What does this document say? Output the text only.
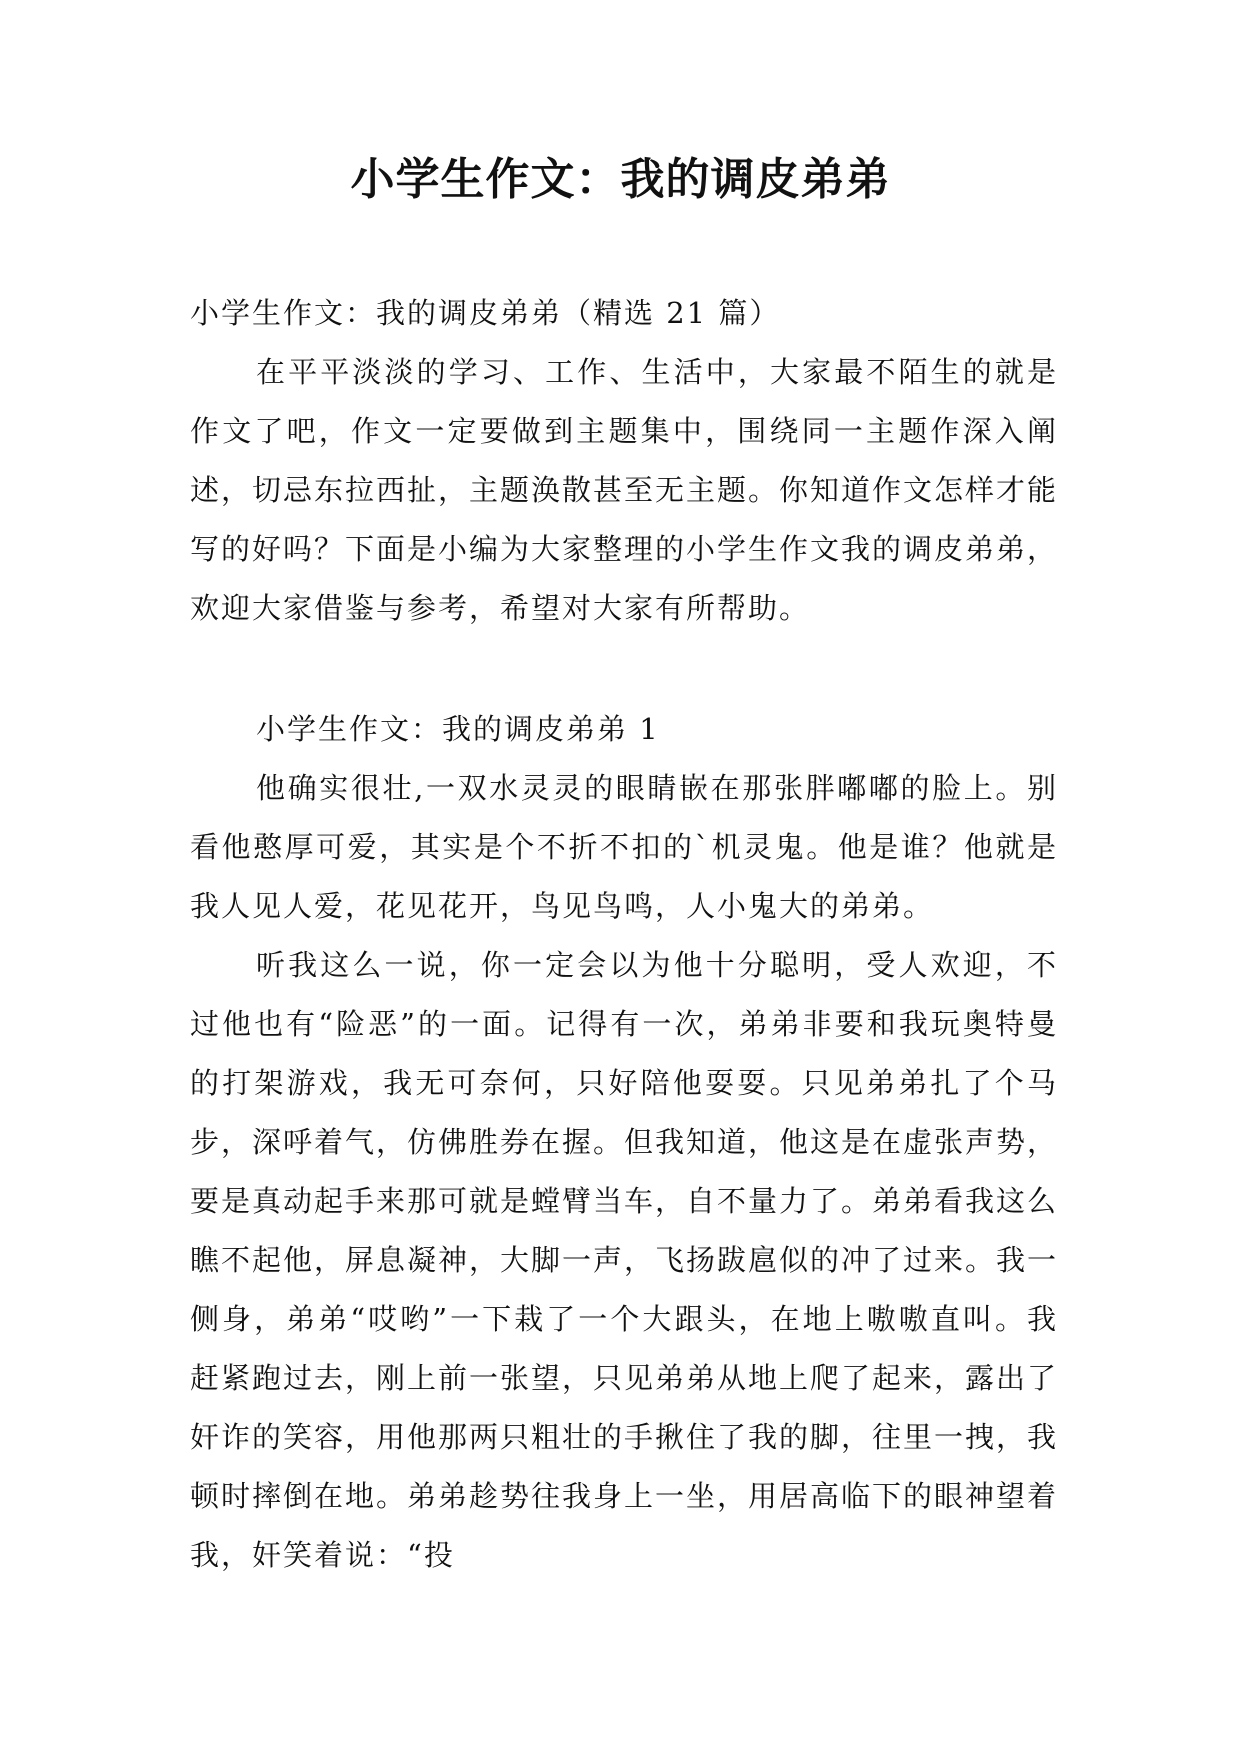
小学生作文：我的调皮弟弟

小学生作文：我的调皮弟弟（精选 21 篇）

在平平淡淡的学习、工作、生活中，大家最不陌生的就是作文了吧，作文一定要做到主题集中，围绕同一主题作深入阐述，切忌东拉西扯，主题涣散甚至无主题。你知道作文怎样才能写的好吗？下面是小编为大家整理的小学生作文我的调皮弟弟，欢迎大家借鉴与参考，希望对大家有所帮助。

小学生作文：我的调皮弟弟 1

他确实很壮,一双水灵灵的眼睛嵌在那张胖嘟嘟的脸上。别看他憨厚可爱，其实是个不折不扣的`机灵鬼。他是谁？他就是我人见人爱，花见花开，鸟见鸟鸣，人小鬼大的弟弟。

听我这么一说，你一定会以为他十分聪明，受人欢迎，不过他也有“险恶”的一面。记得有一次，弟弟非要和我玩奥特曼的打架游戏，我无可奈何，只好陪他耍耍。只见弟弟扎了个马步，深呼着气，仿佛胜券在握。但我知道，他这是在虚张声势，要是真动起手来那可就是螳臂当车，自不量力了。弟弟看我这么瞧不起他，屏息凝神，大脚一声，飞扬跋扈似的冲了过来。我一侧身，弟弟“哎哟”一下栽了一个大跟头，在地上嗷嗷直叫。我赶紧跑过去，刚上前一张望，只见弟弟从地上爬了起来，露出了奸诈的笑容，用他那两只粗壮的手揪住了我的脚，往里一拽，我顿时摔倒在地。弟弟趁势往我身上一坐，用居高临下的眼神望着我，奸笑着说：“投
